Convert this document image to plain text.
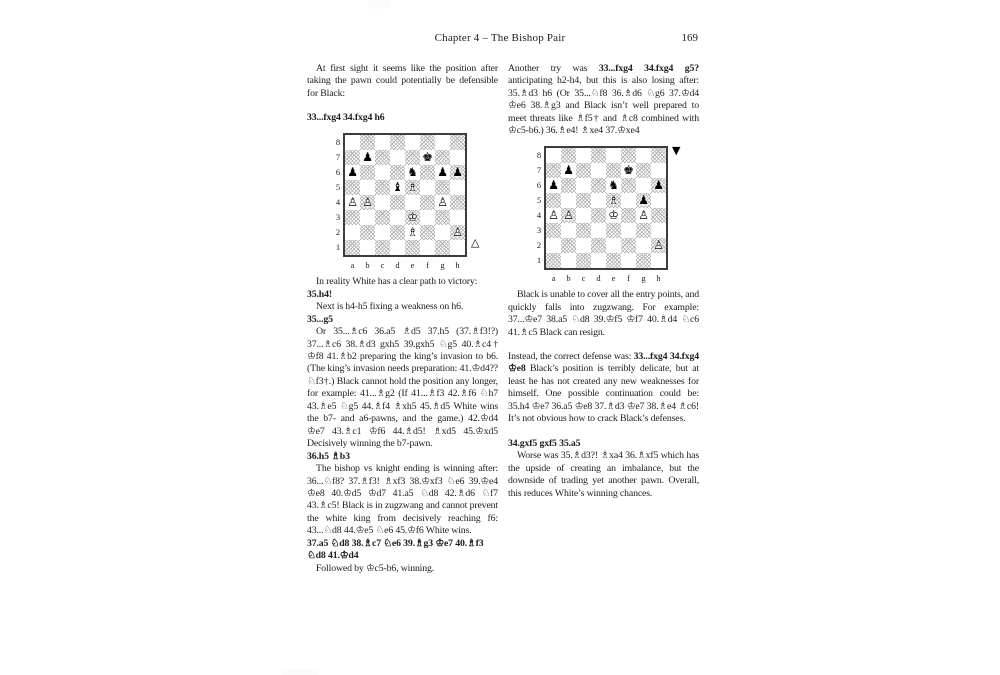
Chapter 4 – The Bishop Pair	169

At first sight it seems like the position after taking the pawn could potentially be defensible for Black:

33...fxg4 34.fxg4 h6

8
7
6
5
4
3
2
1
♟	♚
♟	♞ ♟ ♟
♝ ♗
♙ ♙	♙
♔
♗	♙
a	b	c	d	e	f	g	h
△

In reality White has a clear path to victory:

35.h4!

Next is h4-h5 fixing a weakness on h6.

35...g5

Or 35...♗c6 36.a5 ♗d5 37.h5 (37.♗f3!?) 37...♗c6 38.♗d3 gxh5 39.gxh5 ♘g5 40.♗c4† ♔f8 41.♗b2 preparing the king’s invasion to b6. (The king’s invasion needs preparation: 41.♔d4?? ♘f3†.) Black cannot hold the position any longer, for example: 41...♗g2 (If 41...♗f3 42.♗f6 ♘h7 43.♗e5 ♘g5 44.♗f4 ♗xh5 45.♗d5 White wins the b7- and a6-pawns, and the game.) 42.♔d4 ♔e7 43.♗c1 ♔f6 44.♗d5! ♗xd5 45.♔xd5 Decisively winning the b7-pawn.

36.h5 ♗b3

The bishop vs knight ending is winning after: 36...♘f8? 37.♗f3! ♗xf3 38.♔xf3 ♘e6 39.♔e4 ♔e8 40.♔d5 ♔d7 41.a5 ♘d8 42.♗d6 ♘f7 43.♗c5! Black is in zugzwang and cannot prevent the white king from decisively reaching f6: 43...♘d8 44.♔e5 ♘e6 45.♔f6 White wins.

37.a5 ♘d8 38.♗c7 ♘e6 39.♗g3 ♔e7 40.♗f3 ♘d8 41.♔d4

Followed by ♔c5-b6, winning.

Another try was 33...fxg4 34.fxg4 g5? anticipating h2-h4, but this is also losing after: 35.♗d3 h6 (Or 35...♘f8 36.♗d6 ♘g6 37.♔d4 ♔e6 38.♗g3 and Black isn’t well prepared to meet threats like ♗f5† and ♗c8 combined with ♔c5-b6.) 36.♗e4! ♗xe4 37.♔xe4

8
7
6
5
4
3
2
1
♟	♚
♟	♞	♟
♗ ♟
♙ ♙	♔ ♙
♙
a	b	c	d	e	f	g	h
▼

Black is unable to cover all the entry points, and quickly falls into zugzwang. For example: 37...♔e7 38.a5 ♘d8 39.♔f5 ♔f7 40.♗d4 ♘c6 41.♗c5 Black can resign.

Instead, the correct defense was: 33...fxg4 34.fxg4 ♔e8 Black’s position is terribly delicate, but at least he has not created any new weaknesses for himself. One possible continuation could be: 35.h4 ♔e7 36.a5 ♔e8 37.♗d3 ♔e7 38.♗e4 ♗c6! It’s not obvious how to crack Black’s defenses.

34.gxf5 gxf5 35.a5

Worse was 35.♗d3?! ♗xa4 36.♗xf5 which has the upside of creating an imbalance, but the downside of trading yet another pawn. Overall, this reduces White’s winning chances.
